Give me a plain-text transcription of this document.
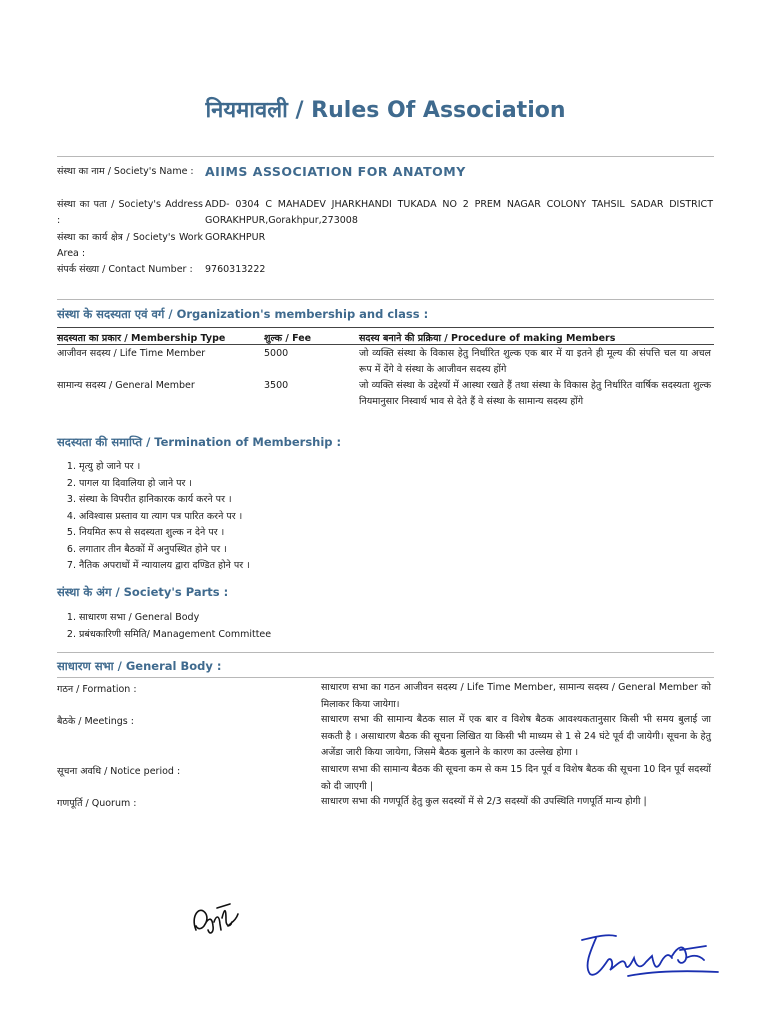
नियमावली / Rules Of Association
संस्था का नाम / Society's Name : AIIMS ASSOCIATION FOR ANATOMY
संस्था का पता / Society's Address :
ADD- 0304 C MAHADEV JHARKHANDI TUKADA NO 2 PREM NAGAR COLONY TAHSIL SADAR DISTRICT GORAKHPUR,Gorakhpur,273008
संस्था का कार्य क्षेत्र / Society's Work Area :
GORAKHPUR
संपर्क संख्या / Contact Number :	9760313222
संस्था के सदस्यता एवं वर्ग / Organization's membership and class :
सदस्यता का प्रकार / Membership Type	शुल्क / Fee	सदस्य बनाने की प्रक्रिया / Procedure of making Members
आजीवन सदस्य / Life Time Member	5000	जो व्यक्ति संस्था के विकास हेतु निर्धारित शुल्क एक बार में या इतने ही मूल्य की संपत्ति चल या अचल रूप में देंगे वे संस्था के आजीवन सदस्य होंगे
सामान्य सदस्य / General Member	3500	जो व्यक्ति संस्था के उद्देश्यों में आस्था रखते हैं तथा संस्था के विकास हेतु निर्धारित वार्षिक सदस्यता शुल्क नियमानुसार निस्वार्थ भाव से देते हैं वे संस्था के सामान्य सदस्य होंगे
सदस्यता की समाप्ति / Termination of Membership :
1. मृत्यु हो जाने पर ।
2. पागल या दिवालिया हो जाने पर ।
3. संस्था के विपरीत हानिकारक कार्य करने पर ।
4. अविश्वास प्रस्ताव या त्याग पत्र पारित करने पर ।
5. नियमित रूप से सदस्यता शुल्क न देने पर ।
6. लगातार तीन बैठकों में अनुपस्थित होने पर ।
7. नैतिक अपराधों में न्यायालय द्वारा दण्डित होने पर ।
संस्था के अंग / Society's Parts :
1. साधारण सभा / General Body
2. प्रबंधकारिणी समिति/ Management Committee
साधारण सभा / General Body :
गठन / Formation :	साधारण सभा का गठन आजीवन सदस्य / Life Time Member, सामान्य सदस्य / General Member को मिलाकर किया जायेगा।
बैठके / Meetings :	साधारण सभा की सामान्य बैठक साल में एक बार व विशेष बैठक आवश्यकतानुसार किसी भी समय बुलाई जा सकती है । असाधारण बैठक की सूचना लिखित या किसी भी माध्यम से 1 से 24 घंटे पूर्व दी जायेगी। सूचना के हेतु अजेंडा जारी किया जायेगा, जिसमे बैठक बुलाने के कारण का उल्लेख होगा ।
सूचना अवधि / Notice period :	साधारण सभा की सामान्य बैठक की सूचना कम से कम 15 दिन पूर्व व विशेष बैठक की सूचना 10 दिन पूर्व सदस्यों को दी जाएगी |
गणपूर्ति / Quorum :	साधारण सभा की गणपूर्ति हेतु कुल सदस्यों में से 2/3 सदस्यों की उपस्थिति गणपूर्ति मान्य होगी |
